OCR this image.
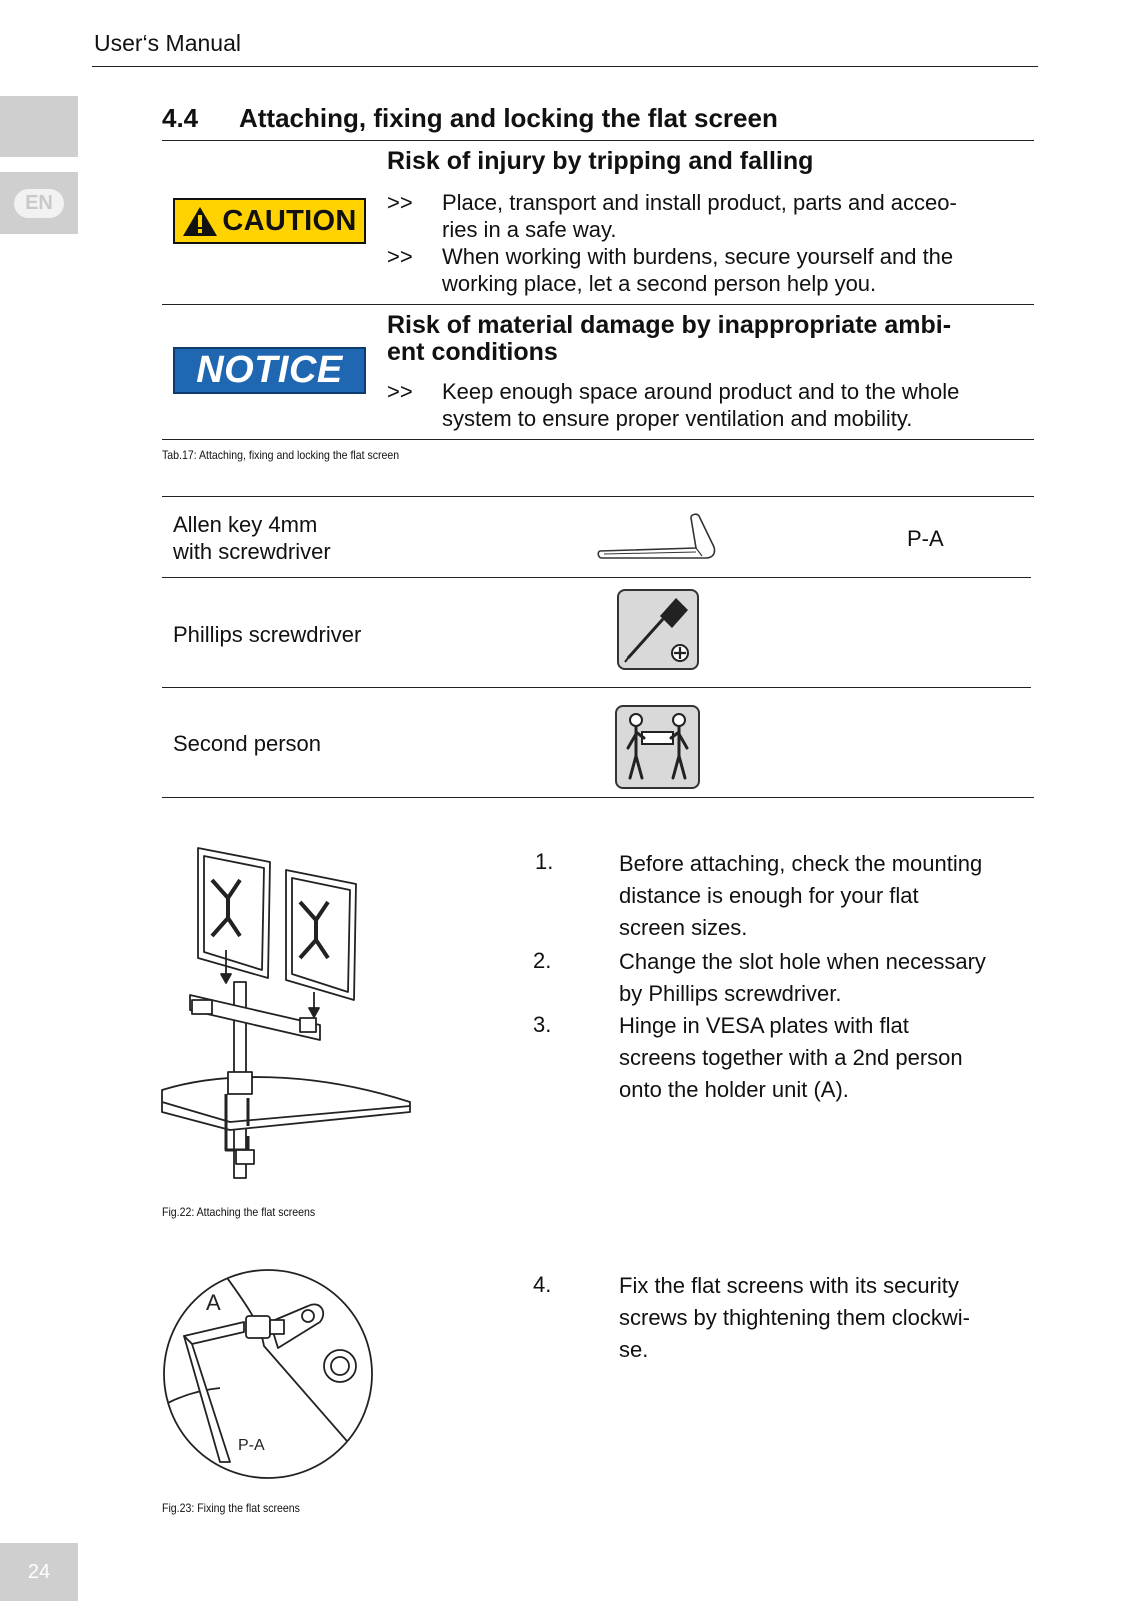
User‘s Manual
EN
24
4.4 Attaching, fixing and locking the flat screen
CAUTION
Risk of injury by tripping and falling
>> Place, transport and install product, parts and acceo-
ries in a safe way.
>> When working with burdens, secure yourself and the
working place, let a second person help you.
NOTICE
Risk of material damage by inappropriate ambi-
ent conditions
>> Keep enough space around product and to the whole
system to ensure proper ventilation and mobility.
Tab.17: Attaching, fixing and locking the flat screen
Allen key 4mm
with screwdriver
P-A
Phillips screwdriver
Second person
Fig.22: Attaching the flat screens
1.	Before attaching, check the mounting
distance is enough for your flat
screen sizes.
2.	Change the slot hole when necessary
by Phillips screwdriver.
3.	Hinge in VESA plates with flat
screens together with a 2nd person
onto the holder unit (A).
A
P-A
Fig.23: Fixing the flat screens
4.	Fix the flat screens with its security
screws by thightening them clockwi-
se.
